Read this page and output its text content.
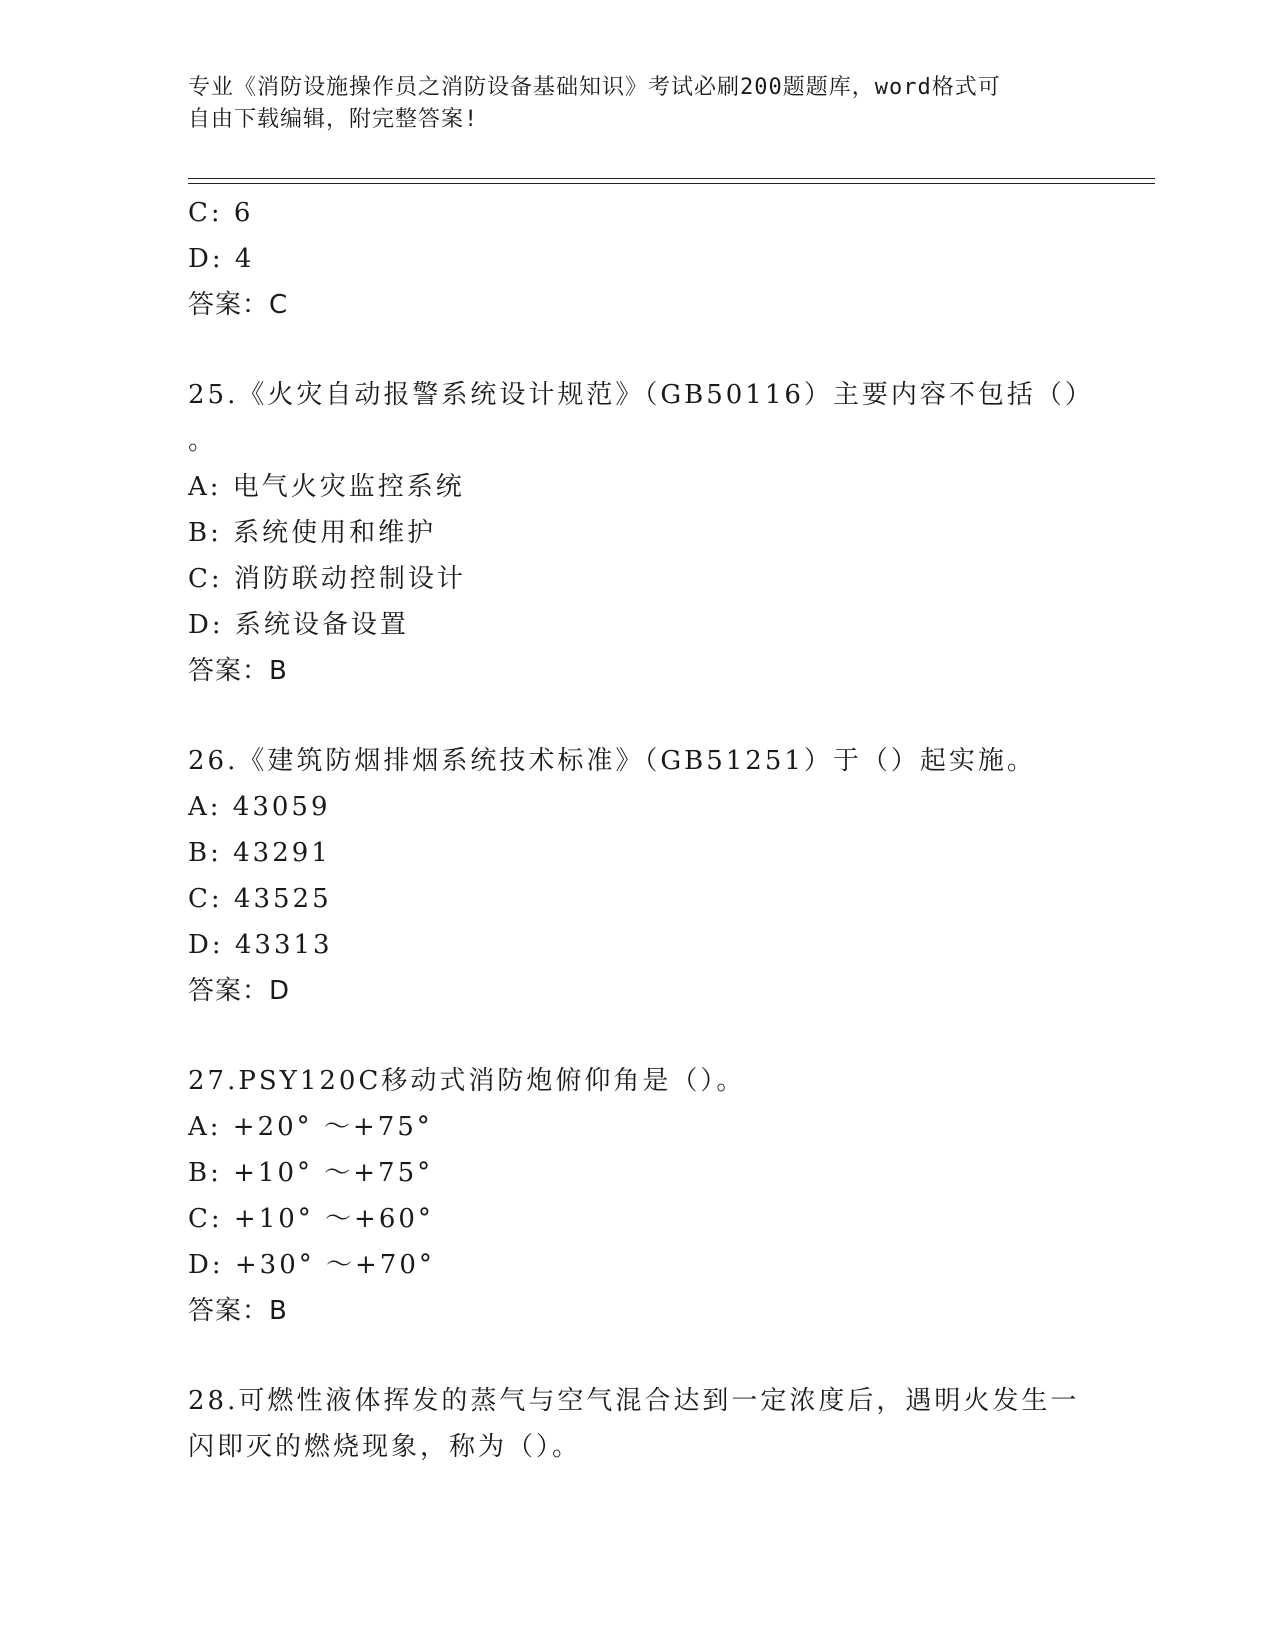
专业《消防设施操作员之消防设备基础知识》考试必刷200题题库，word格式可
自由下载编辑，附完整答案!
C: 6
D: 4
答案：C
25.《火灾自动报警系统设计规范》（GB50116）主要内容不包括（）
。
A: 电气火灾监控系统
B: 系统使用和维护
C: 消防联动控制设计
D: 系统设备设置
答案：B
26.《建筑防烟排烟系统技术标准》（GB51251）于（）起实施。
A: 43059
B: 43291
C: 43525
D: 43313
答案：D
27.PSY120C移动式消防炮俯仰角是（）。
A: +20° ～+75°
B: +10° ～+75°
C: +10° ～+60°
D: +30° ～+70°
答案：B
28.可燃性液体挥发的蒸气与空气混合达到一定浓度后，遇明火发生一
闪即灭的燃烧现象，称为（）。
